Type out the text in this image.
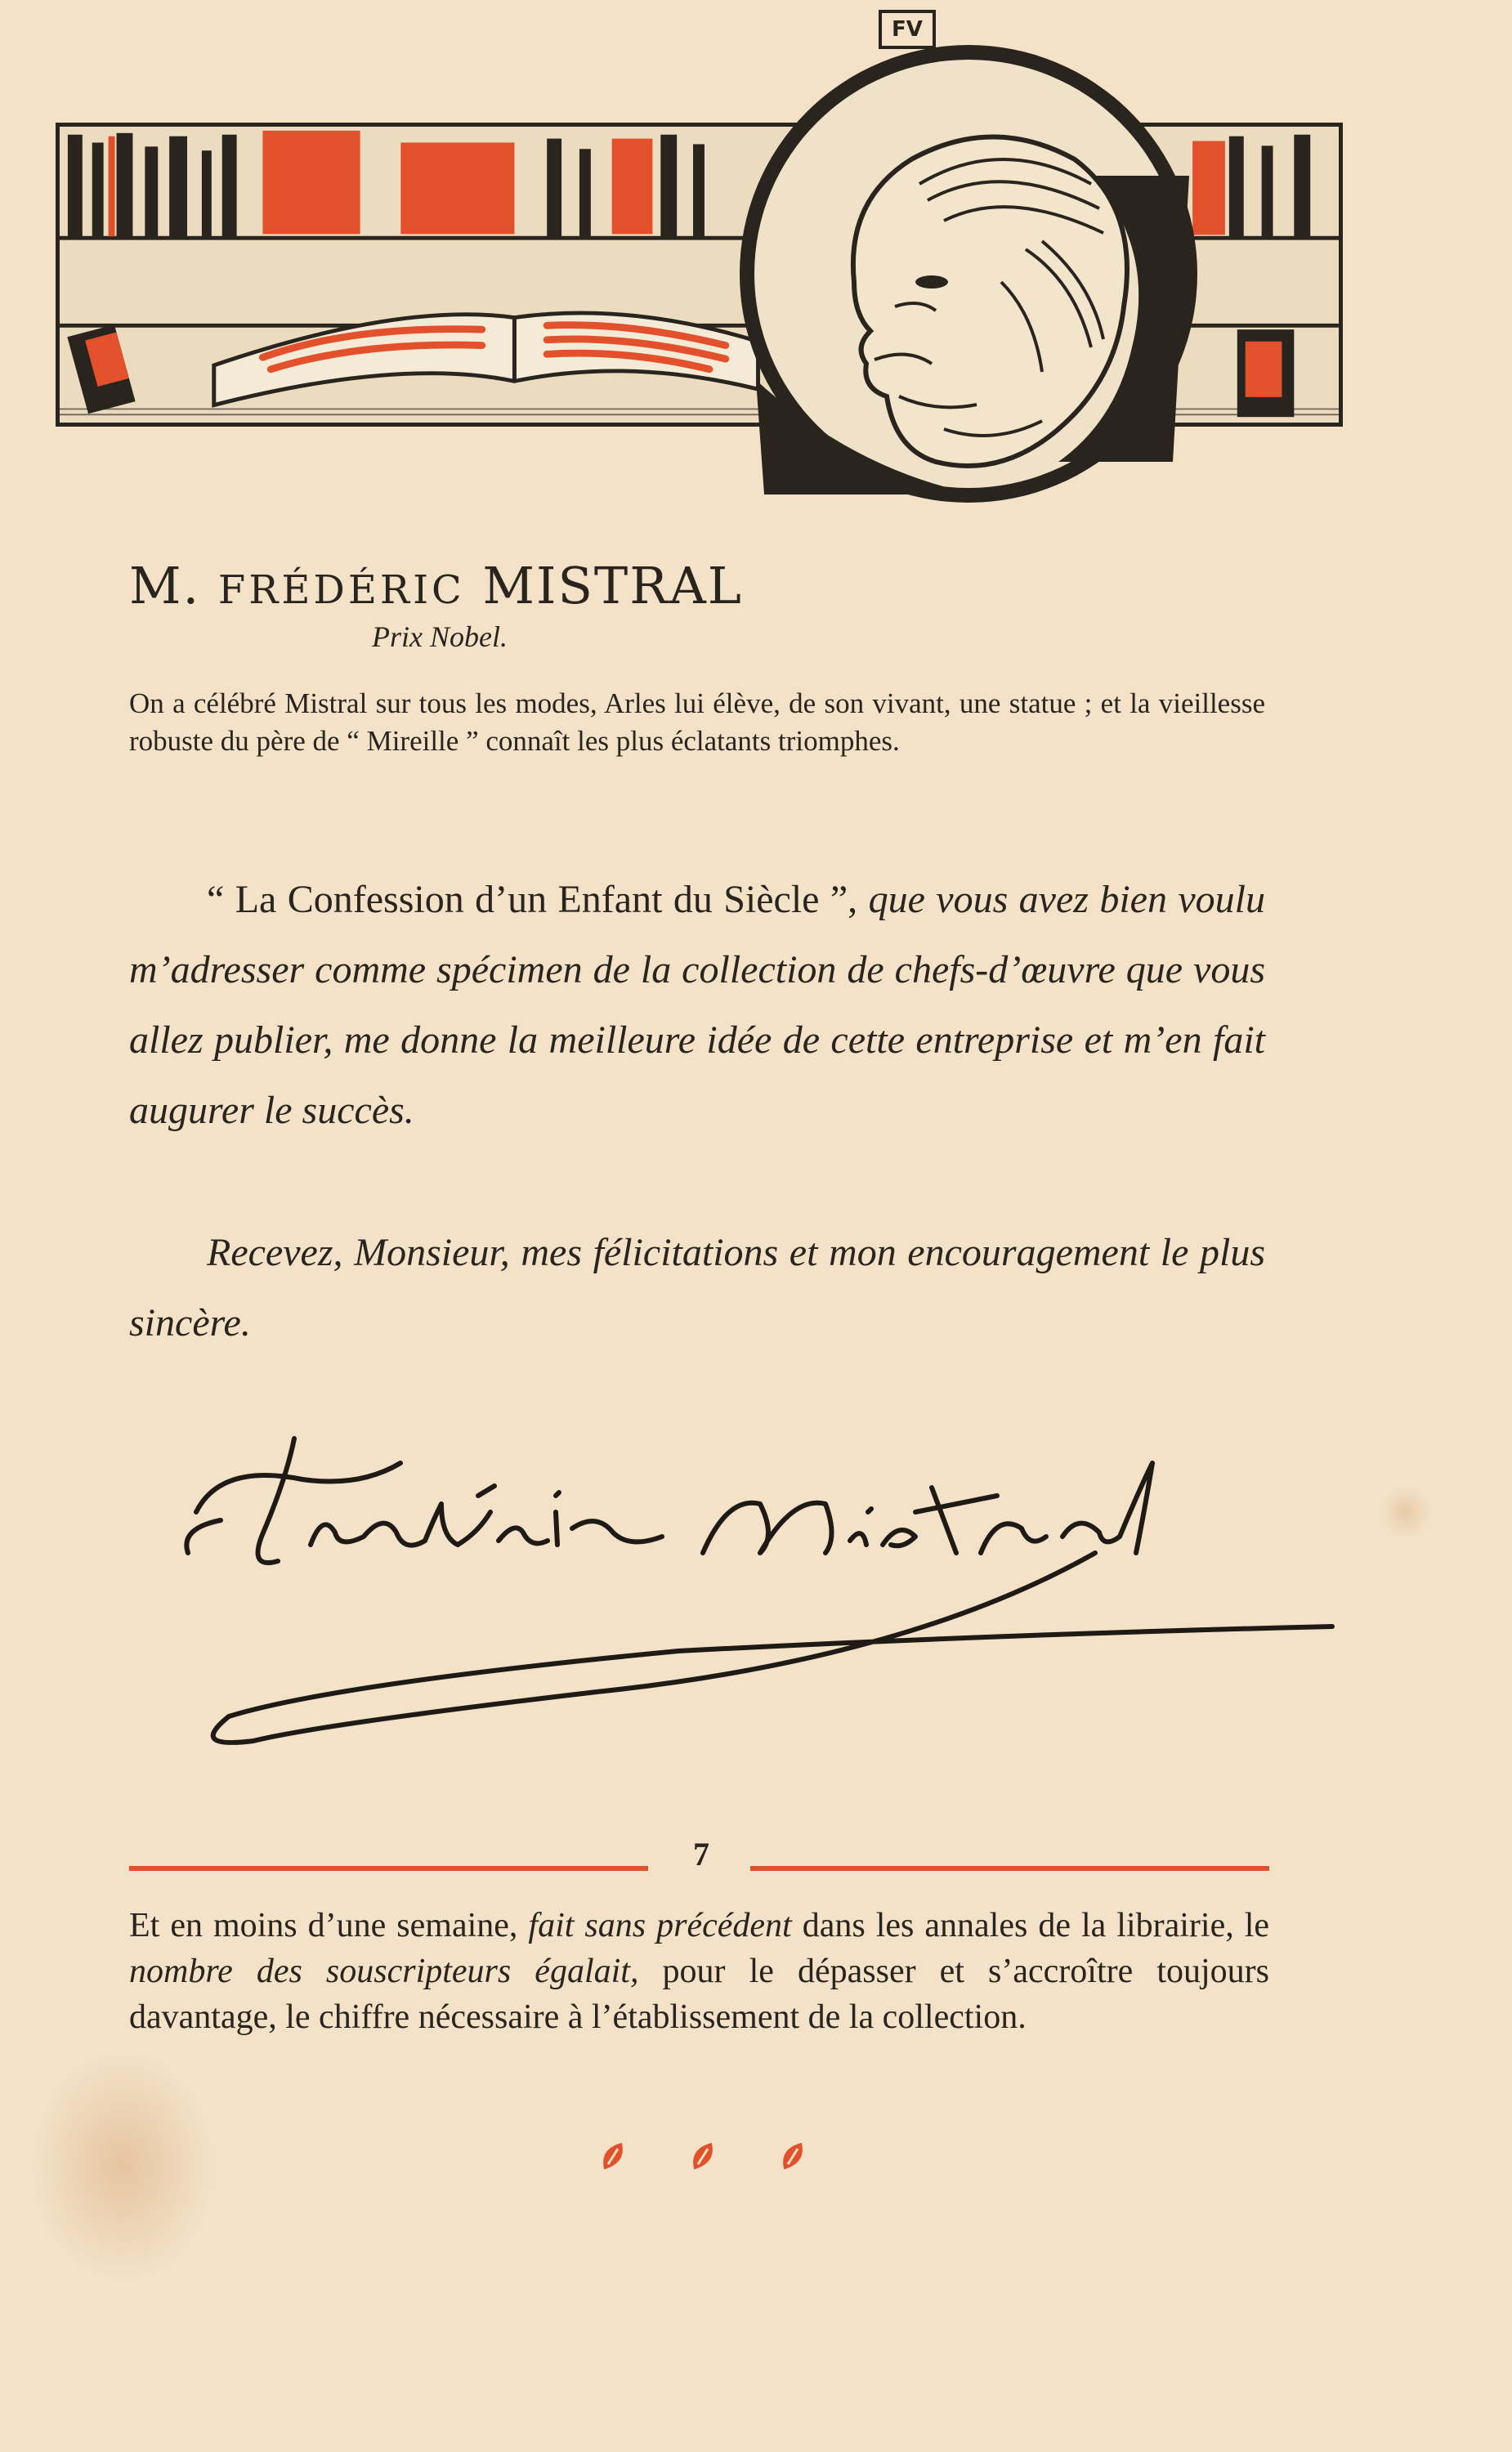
FV
M. FRÉDÉRIC MISTRAL
Prix Nobel.
On a célébré Mistral sur tous les modes, Arles lui élève, de son vivant, une statue ; et la vieillesse robuste du père de “ Mireille ” connaît les plus éclatants triomphes.
“ La Confession d’un Enfant du Siècle ”, que vous avez bien voulu m’adresser comme spécimen de la collection de chefs-d’œuvre que vous allez publier, me donne la meilleure idée de cette entreprise et m’en fait augurer le succès.
Recevez, Monsieur, mes félicitations et mon encouragement le plus sincère.
7
Et en moins d’une semaine, fait sans précédent dans les annales de la librairie, le nombre des souscripteurs égalait, pour le dépasser et s’accroître toujours davantage, le chiffre nécessaire à l’établissement de la collection.
